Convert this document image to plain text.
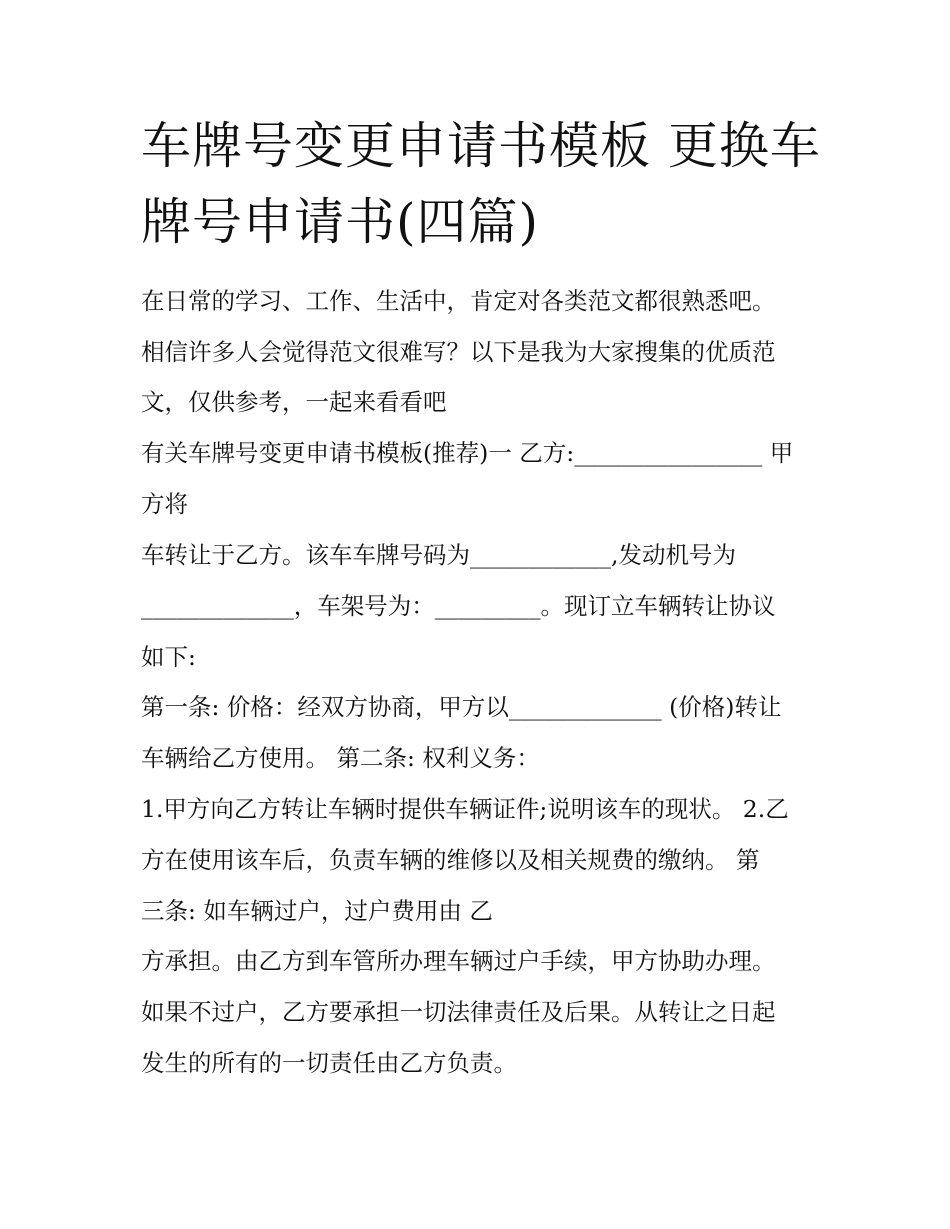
车牌号变更申请书模板 更换车
牌号申请书(四篇)
在日常的学习、工作、生活中，肯定对各类范文都很熟悉吧。
相信许多人会觉得范文很难写？以下是我为大家搜集的优质范
文，仅供参考，一起来看看吧
有关车牌号变更申请书模板(推荐)一 乙方:________________ 甲
方将
车转让于乙方。该车车牌号码为____________,发动机号为
_____________，车架号为：_________。现订立车辆转让协议
如下:
第一条: 价格：经双方协商，甲方以_____________ (价格)转让
车辆给乙方使用。 第二条: 权利义务：
1.甲方向乙方转让车辆时提供车辆证件;说明该车的现状。 2.乙
方在使用该车后，负责车辆的维修以及相关规费的缴纳。 第
三条: 如车辆过户，过户费用由 乙
方承担。由乙方到车管所办理车辆过户手续，甲方协助办理。
如果不过户，乙方要承担一切法律责任及后果。从转让之日起
发生的所有的一切责任由乙方负责。
